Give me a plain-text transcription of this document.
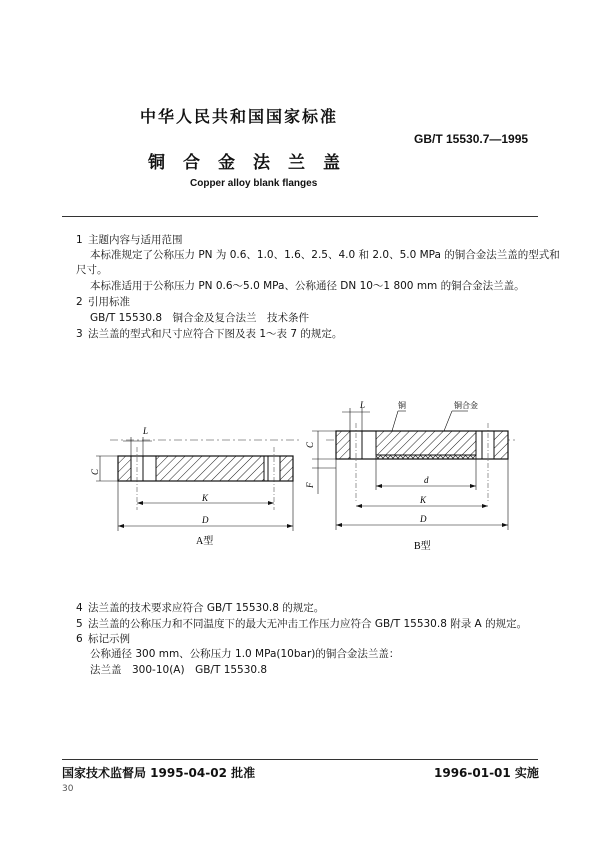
中华人民共和国国家标准
GB/T 15530.7—1995
铜合金法兰盖
Copper alloy blank flanges
1 主题内容与适用范围
本标准规定了公称压力 PN 为 0.6、1.0、1.6、2.5、4.0 和 2.0、5.0 MPa 的铜合金法兰盖的型式和
尺寸。
本标准适用于公称压力 PN 0.6～5.0 MPa、公称通径 DN 10～1 800 mm 的铜合金法兰盖。
2 引用标准
GB/T 15530.8　铜合金及复合法兰　技术条件
3 法兰盖的型式和尺寸应符合下图及表 1～表 7 的规定。
L
C
K
D
A型
L	铜	铜合金
C
F
d
K
D
B型
4 法兰盖的技术要求应符合 GB/T 15530.8 的规定。
5 法兰盖的公称压力和不同温度下的最大无冲击工作压力应符合 GB/T 15530.8 附录 A 的规定。
6 标记示例
公称通径 300 mm、公称压力 1.0 MPa(10bar)的铜合金法兰盖：
法兰盖　300-10(A)　GB/T 15530.8
国家技术监督局 1995-04-02 批准	1996-01-01 实施
30
